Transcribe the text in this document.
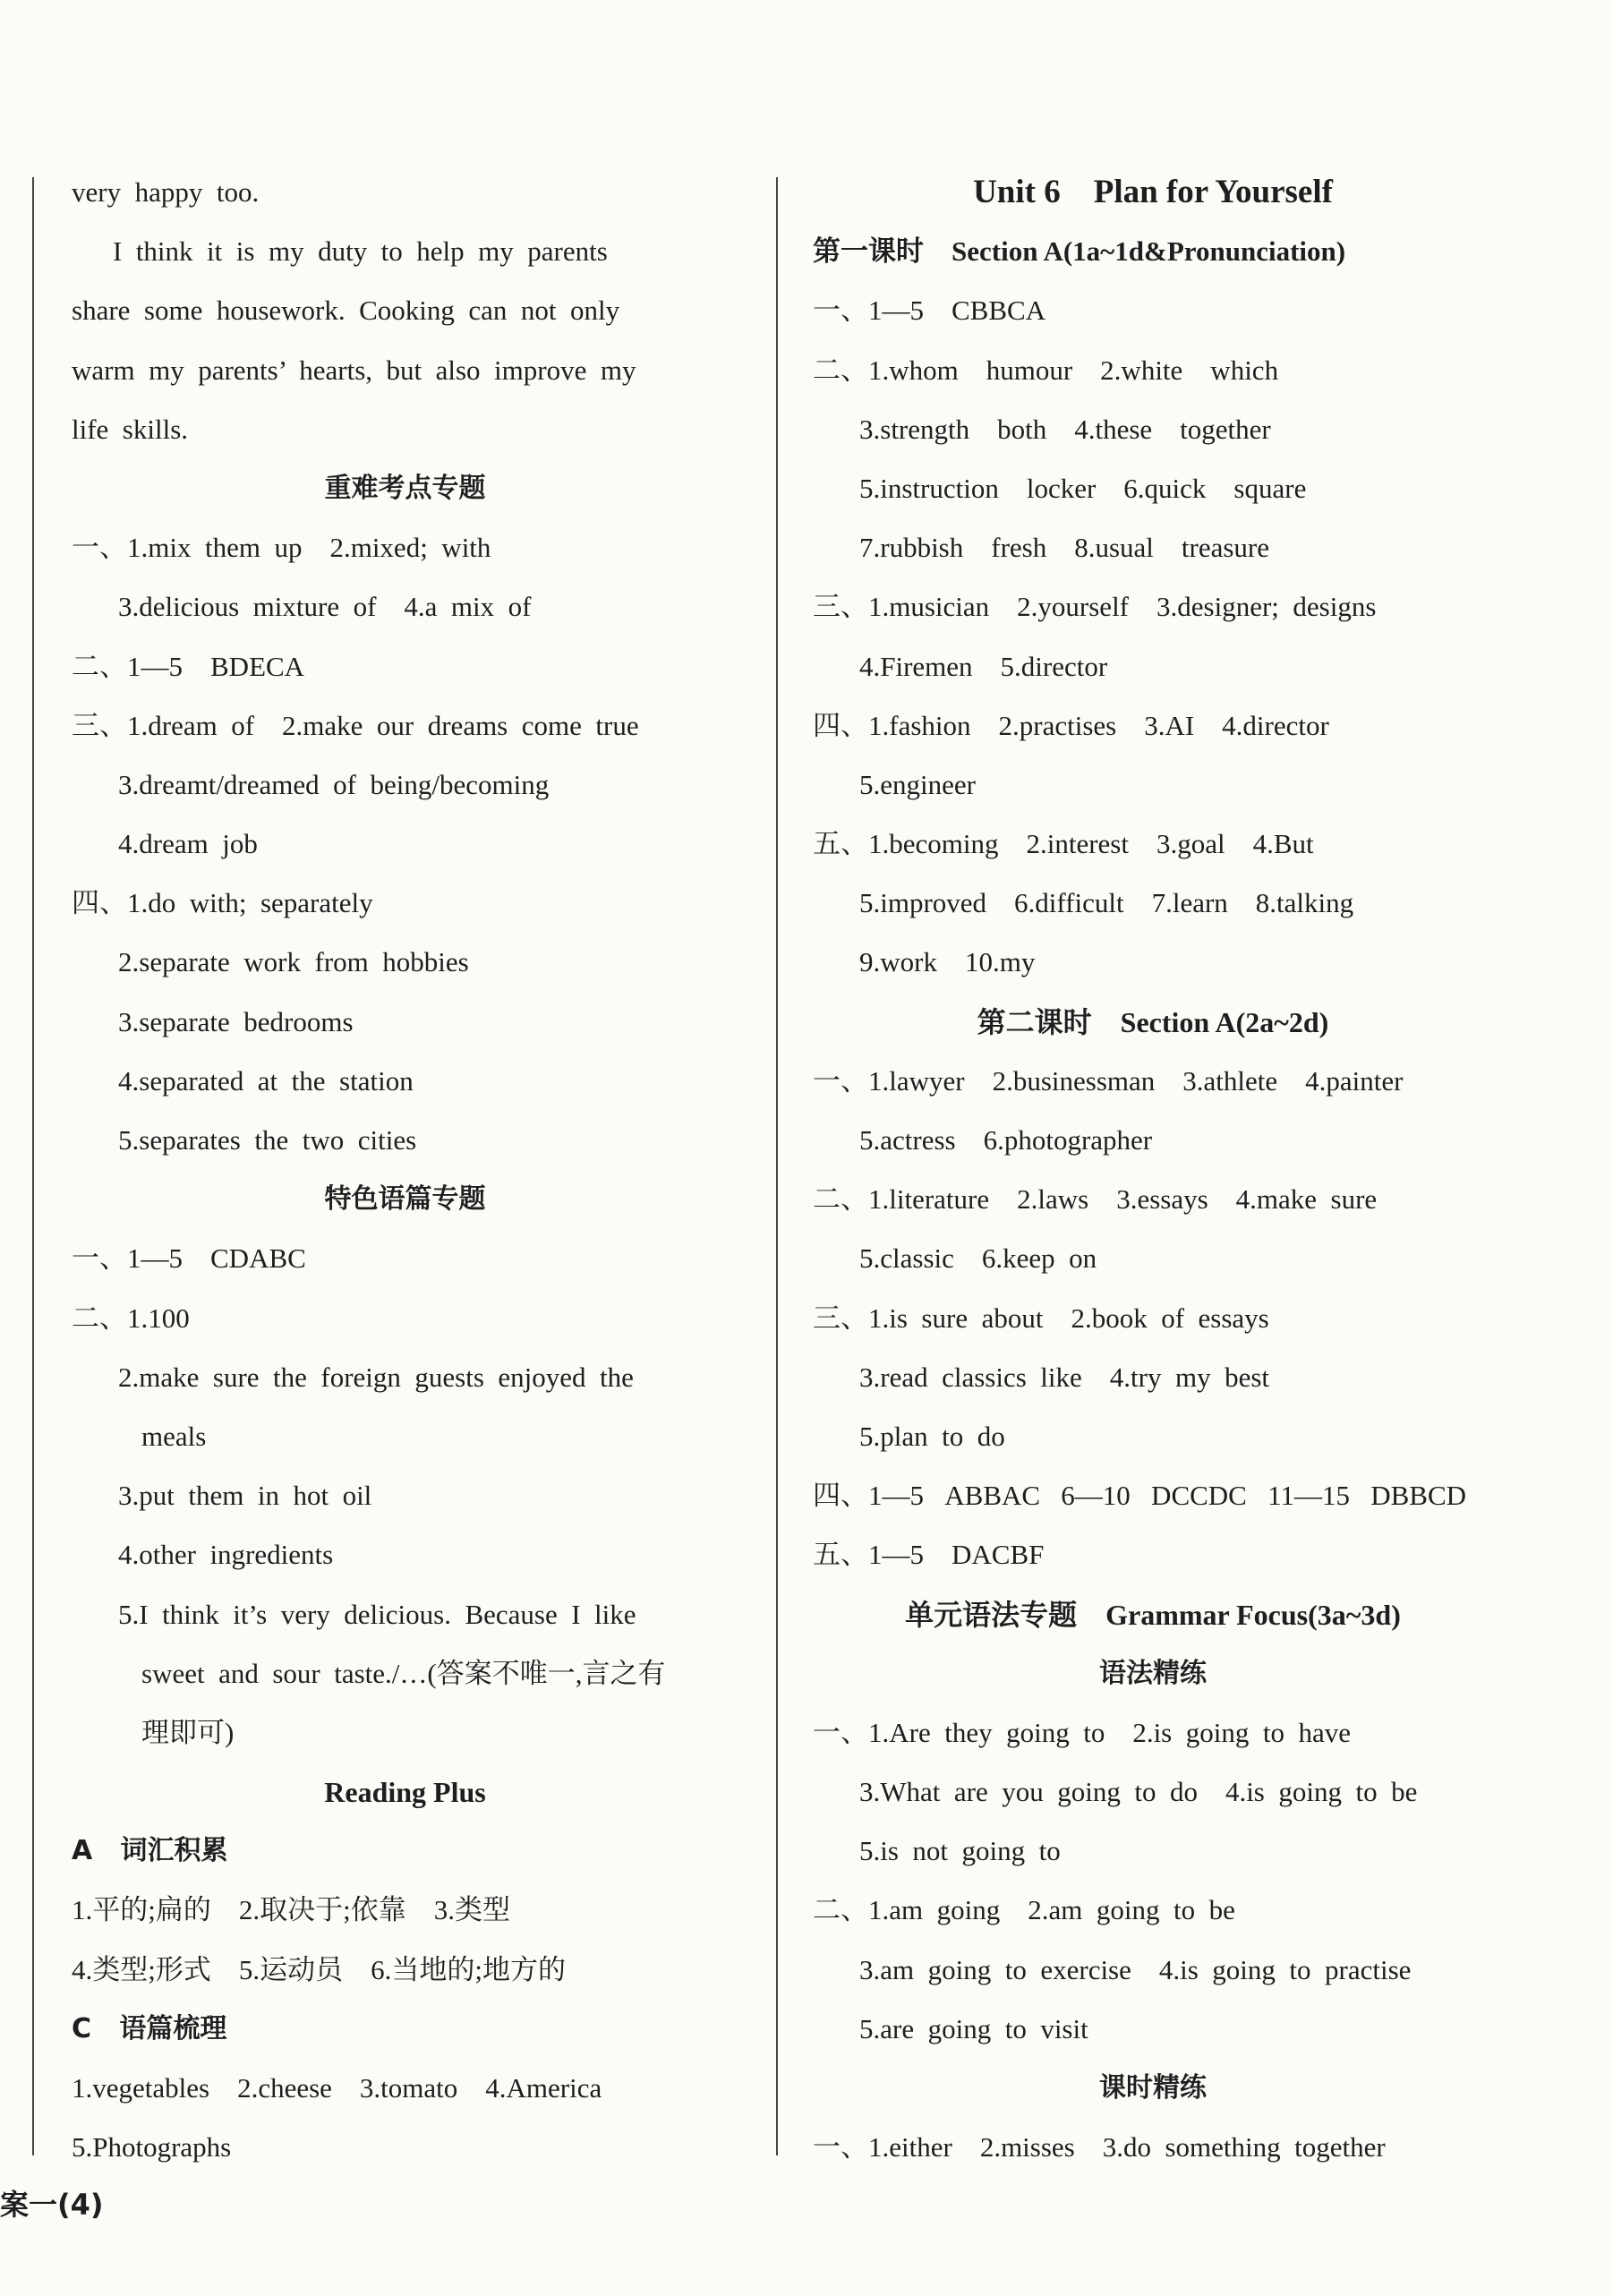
very  happy  too.
I  think  it  is  my  duty  to  help  my  parents
share  some  housework.  Cooking  can  not  only
warm  my  parents’  hearts,  but  also  improve  my
life  skills.
重难考点专题
一、1.mix  them  up    2.mixed;  with
3.delicious  mixture  of    4.a  mix  of
二、1—5    BDECA
三、1.dream  of    2.make  our  dreams  come  true
3.dreamt/dreamed  of  being/becoming
4.dream  job
四、1.do  with;  separately
2.separate  work  from  hobbies
3.separate  bedrooms
4.separated  at  the  station
5.separates  the  two  cities
特色语篇专题
一、1—5    CDABC
二、1.100
2.make  sure  the  foreign  guests  enjoyed  the
meals
3.put  them  in  hot  oil
4.other  ingredients
5.I  think  it’s  very  delicious.  Because  I  like
sweet  and  sour  taste./…(答案不唯一,言之有
理即可)
Reading Plus
A   词汇积累
1.平的;扁的    2.取决于;依靠    3.类型
4.类型;形式    5.运动员    6.当地的;地方的
C   语篇梳理
1.vegetables    2.cheese    3.tomato    4.America
5.Photographs
Unit 6    Plan for Yourself
第一课时    Section A(1a~1d&Pronunciation)
一、1—5    CBBCA
二、1.whom    humour    2.white    which
3.strength    both    4.these    together
5.instruction    locker    6.quick    square
7.rubbish    fresh    8.usual    treasure
三、1.musician    2.yourself    3.designer;  designs
4.Firemen    5.director
四、1.fashion    2.practises    3.AI    4.director
5.engineer
五、1.becoming    2.interest    3.goal    4.But
5.improved    6.difficult    7.learn    8.talking
9.work    10.my
第二课时    Section A(2a~2d)
一、1.lawyer    2.businessman    3.athlete    4.painter
5.actress    6.photographer
二、1.literature    2.laws    3.essays    4.make  sure
5.classic    6.keep  on
三、1.is  sure  about    2.book  of  essays
3.read  classics  like    4.try  my  best
5.plan  to  do
四、1—5   ABBAC   6—10   DCCDC   11—15   DBBCD
五、1—5    DACBF
单元语法专题    Grammar Focus(3a~3d)
语法精练
一、1.Are  they  going  to    2.is  going  to  have
3.What  are  you  going  to  do    4.is  going  to  be
5.is  not  going  to
二、1.am  going    2.am  going  to  be
3.am  going  to  exercise    4.is  going  to  practise
5.are  going  to  visit
课时精练
一、1.either    2.misses    3.do  something  together
案一(4)
